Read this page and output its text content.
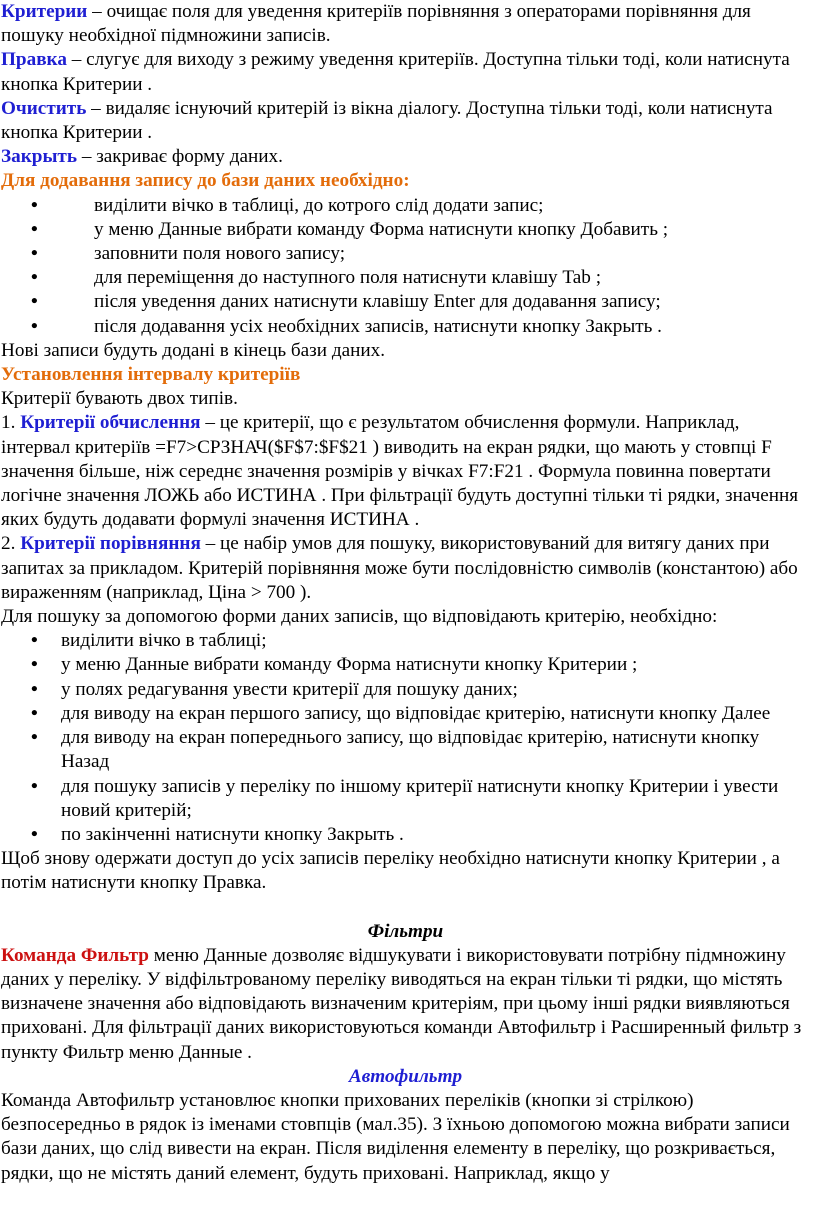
Критерии – очищає поля для уведення критеріїв порівняння з операторами порівняння для пошуку необхідної підмножини записів.

Правка – слугує для виходу з режиму уведення критеріїв. Доступна тільки тоді, коли натиснута кнопка Критерии .

Очистить – видаляє існуючий критерій із вікна діалогу. Доступна тільки тоді, коли натиснута кнопка Критерии .

Закрыть – закриває форму даних.

Для додавання запису до бази даних необхідно:

• виділити вічко в таблиці, до котрого слід додати запис;
• у меню Данные вибрати команду Форма натиснути кнопку Добавить ;
• заповнити поля нового запису;
• для переміщення до наступного поля натиснути клавішу Tab ;
• після уведення даних натиснути клавішу Enter для додавання запису;
• після додавання усіх необхідних записів, натиснути кнопку Закрыть .

Нові записи будуть додані в кінець бази даних.

Установлення інтервалу критеріїв

Критерії бувають двох типів.

1. Критерії обчислення – це критерії, що є результатом обчислення формули. Наприклад, інтервал критеріїв =F7>СРЗНАЧ($F$7:$F$21 ) виводить на екран рядки, що мають у стовпці F значення більше, ніж середнє значення розмірів у вічках F7:F21 . Формула повинна повертати логічне значення ЛОЖЬ або ИСТИНА . При фільтрації будуть доступні тільки ті рядки, значення яких будуть додавати формулі значення ИСТИНА .

2. Критерії порівняння – це набір умов для пошуку, використовуваний для витягу даних при запитах за прикладом. Критерій порівняння може бути послідовністю символів (константою) або вираженням (наприклад, Ціна > 700 ).

Для пошуку за допомогою форми даних записів, що відповідають критерію, необхідно:

• виділити вічко в таблиці;
• у меню Данные вибрати команду Форма натиснути кнопку Критерии ;
• у полях редагування увести критерії для пошуку даних;
• для виводу на екран першого запису, що відповідає критерію, натиснути кнопку Далее
• для виводу на екран попереднього запису, що відповідає критерію, натиснути кнопку Назад
• для пошуку записів у переліку по іншому критерії натиснути кнопку Критерии і увести новий критерій;
• по закінченні натиснути кнопку Закрыть .

Щоб знову одержати доступ до усіх записів переліку необхідно натиснути кнопку Критерии , а потім натиснути кнопку Правка.

Фільтри

Команда Фильтр меню Данные дозволяє відшукувати і використовувати потрібну підмножину даних у переліку. У відфільтрованому переліку виводяться на екран тільки ті рядки, що містять визначене значення або відповідають визначеним критеріям, при цьому інші рядки виявляються приховані. Для фільтрації даних використовуються команди Автофильтр і Расширенный фильтр з пункту Фильтр меню Данные .

Автофильтр

Команда Автофильтр установлює кнопки прихованих переліків (кнопки зі стрілкою) безпосередньо в рядок із іменами стовпців (мал.35). З їхньою допомогою можна вибрати записи бази даних, що слід вивести на екран. Після виділення елементу в переліку, що розкривається, рядки, що не містять даний елемент, будуть приховані. Наприклад, якщо у
